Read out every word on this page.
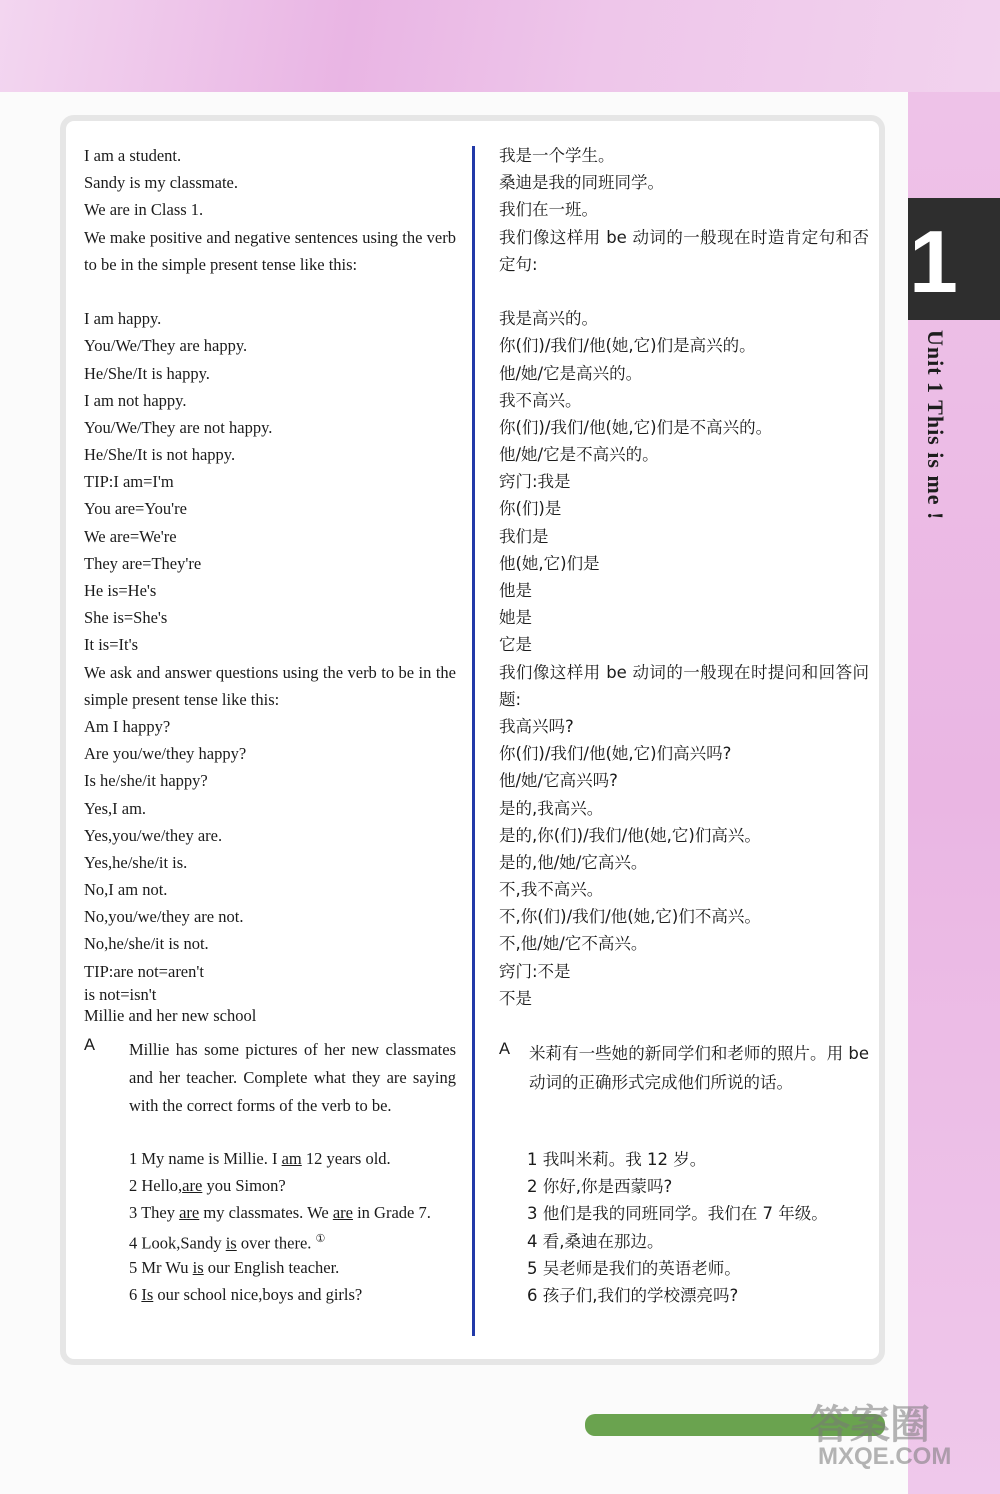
1
Unit 1 This is me !
I am a student.
Sandy is my classmate.
We are in Class 1.
We make positive and negative sentences using the verb to be in the simple present tense like this:
I am happy.
You/We/They are happy.
He/She/It is happy.
I am not happy.
You/We/They are not happy.
He/She/It is not happy.
TIP:I am=I'm
You are=You're
We are=We're
They are=They're
He is=He's
She is=She's
It is=It's
We ask and answer questions using the verb to be in the simple present tense like this:
Am I happy?
Are you/we/they happy?
Is he/she/it happy?
Yes,I am.
Yes,you/we/they are.
Yes,he/she/it is.
No,I am not.
No,you/we/they are not.
No,he/she/it is not.
TIP:are not=aren't
is not=isn't
Millie and her new school
A Millie has some pictures of her new classmates and her teacher. Complete what they are saying with the correct forms of the verb to be.
1 My name is Millie. I am 12 years old.
2 Hello,are you Simon?
3 They are my classmates. We are in Grade 7.
4 Look,Sandy is over there. ①
5 Mr Wu is our English teacher.
6 Is our school nice,boys and girls?
我是一个学生。
桑迪是我的同班同学。
我们在一班。
我们像这样用 be 动词的一般现在时造肯定句和否定句:
我是高兴的。
你(们)/我们/他(她,它)们是高兴的。
他/她/它是高兴的。
我不高兴。
你(们)/我们/他(她,它)们是不高兴的。
他/她/它是不高兴的。
窍门:我是
你(们)是
我们是
他(她,它)们是
他是
她是
它是
我们像这样用 be 动词的一般现在时提问和回答问题:
我高兴吗?
你(们)/我们/他(她,它)们高兴吗?
他/她/它高兴吗?
是的,我高兴。
是的,你(们)/我们/他(她,它)们高兴。
是的,他/她/它高兴。
不,我不高兴。
不,你(们)/我们/他(她,它)们不高兴。
不,他/她/它不高兴。
窍门:不是
不是
A 米莉有一些她的新同学们和老师的照片。用 be 动词的正确形式完成他们所说的话。
1 我叫米莉。我 12 岁。
2 你好,你是西蒙吗?
3 他们是我的同班同学。我们在 7 年级。
4 看,桑迪在那边。
5 吴老师是我们的英语老师。
6 孩子们,我们的学校漂亮吗?
答案圈
MXQE.COM
